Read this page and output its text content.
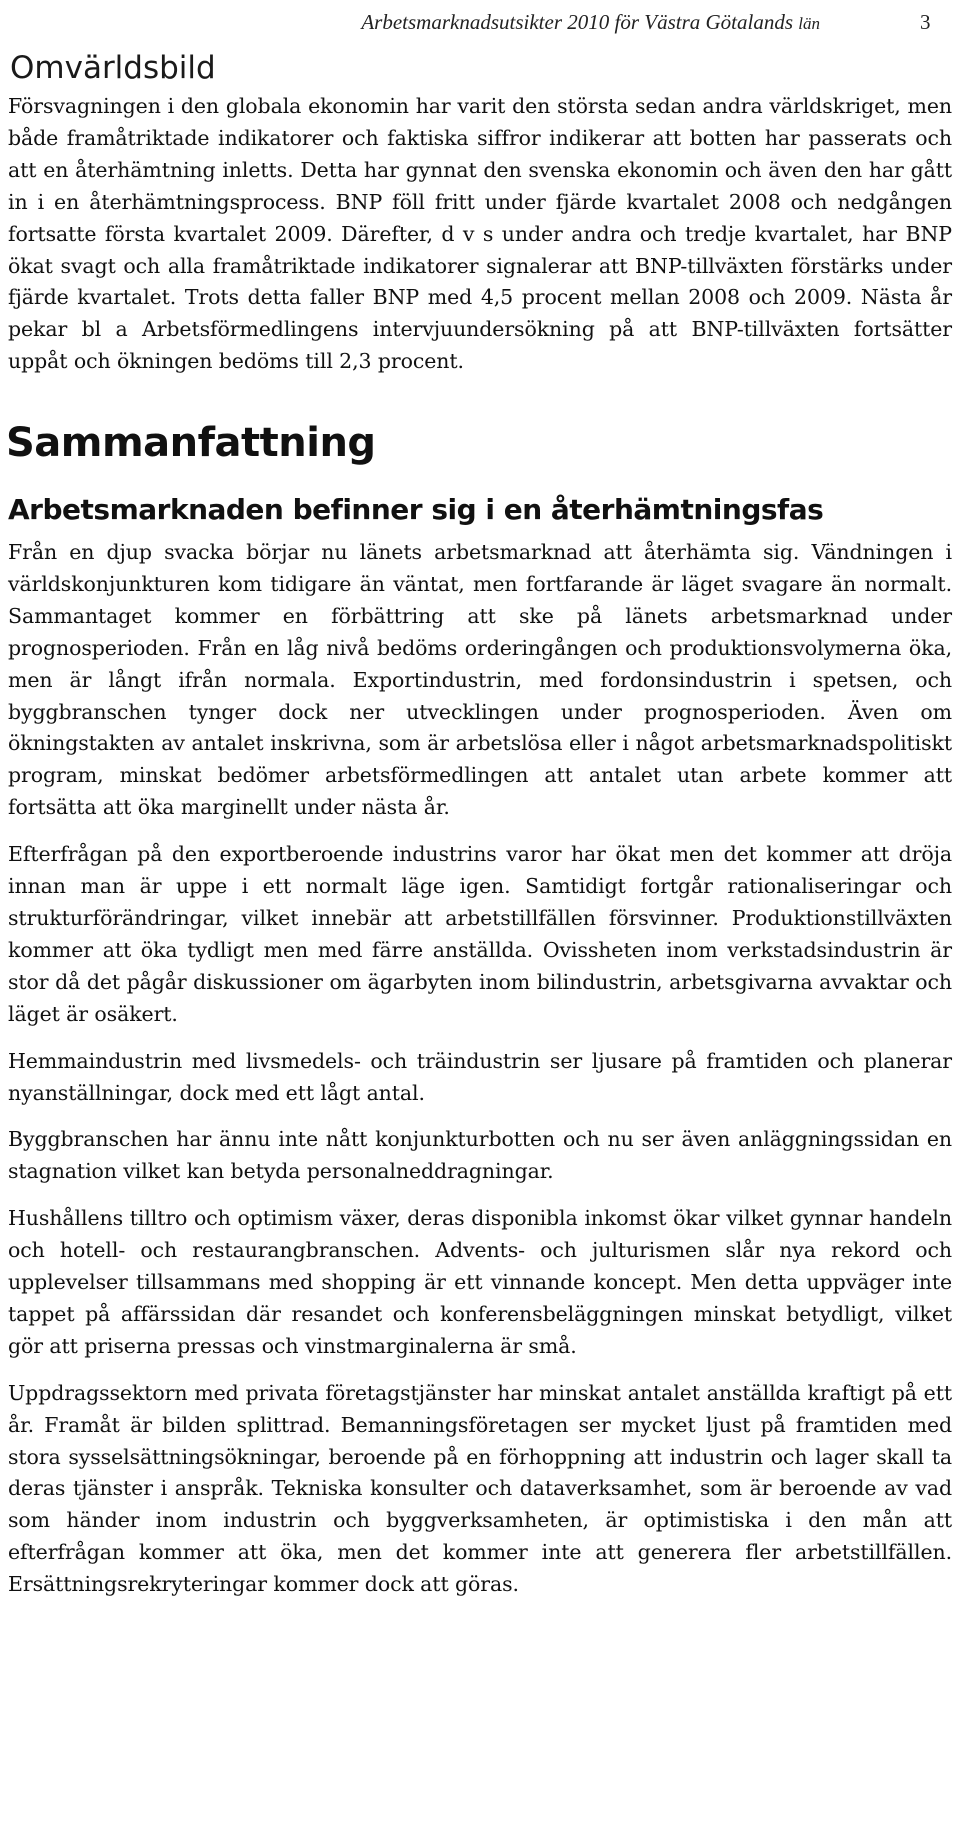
Arbetsmarknadsutsikter 2010 för Västra Götalands län	3
Omvärldsbild

Försvagningen i den globala ekonomin har varit den största sedan andra världskriget, men både framåtriktade indikatorer och faktiska siffror indikerar att botten har passerats och att en återhämtning inletts. Detta har gynnat den svenska ekonomin och även den har gått in i en återhämtningsprocess. BNP föll fritt under fjärde kvartalet 2008 och nedgången fortsatte första kvartalet 2009. Därefter, d v s under andra och tredje kvartalet, har BNP ökat svagt och alla framåtriktade indikatorer signalerar att BNP-tillväxten förstärks under fjärde kvartalet. Trots detta faller BNP med 4,5 procent mellan 2008 och 2009. Nästa år pekar bl a Arbetsförmedlingens intervjuundersökning på att BNP-tillväxten fortsätter uppåt och ökningen bedöms till 2,3 procent.

Sammanfattning
Arbetsmarknaden befinner sig i en återhämtningsfas

Från en djup svacka börjar nu länets arbetsmarknad att återhämta sig. Vändningen i världskonjunkturen kom tidigare än väntat, men fortfarande är läget svagare än normalt. Sammantaget kommer en förbättring att ske på länets arbetsmarknad under prognosperioden. Från en låg nivå bedöms orderingången och produktionsvolymerna öka, men är långt ifrån normala. Exportindustrin, med fordonsindustrin i spetsen, och byggbranschen tynger dock ner utvecklingen under prognosperioden. Även om ökningstakten av antalet inskrivna, som är arbetslösa eller i något arbetsmarknadspolitiskt program, minskat bedömer arbetsförmedlingen att antalet utan arbete kommer att fortsätta att öka marginellt under nästa år.

Efterfrågan på den exportberoende industrins varor har ökat men det kommer att dröja innan man är uppe i ett normalt läge igen. Samtidigt fortgår rationaliseringar och strukturförändringar, vilket innebär att arbetstillfällen försvinner. Produktionstillväxten kommer att öka tydligt men med färre anställda. Ovissheten inom verkstadsindustrin är stor då det pågår diskussioner om ägarbyten inom bilindustrin, arbetsgivarna avvaktar och läget är osäkert.

Hemmaindustrin med livsmedels- och träindustrin ser ljusare på framtiden och planerar nyanställningar, dock med ett lågt antal.

Byggbranschen har ännu inte nått konjunkturbotten och nu ser även anläggningssidan en stagnation vilket kan betyda personalneddragningar.

Hushållens tilltro och optimism växer, deras disponibla inkomst ökar vilket gynnar handeln och hotell- och restaurangbranschen. Advents- och julturismen slår nya rekord och upplevelser tillsammans med shopping är ett vinnande koncept. Men detta uppväger inte tappet på affärssidan där resandet och konferensbeläggningen minskat betydligt, vilket gör att priserna pressas och vinstmarginalerna är små.

Uppdragssektorn med privata företagstjänster har minskat antalet anställda kraftigt på ett år. Framåt är bilden splittrad. Bemanningsföretagen ser mycket ljust på framtiden med stora sysselsättningsökningar, beroende på en förhoppning att industrin och lager skall ta deras tjänster i anspråk. Tekniska konsulter och dataverksamhet, som är beroende av vad som händer inom industrin och byggverksamheten, är optimistiska i den mån att efterfrågan kommer att öka, men det kommer inte att generera fler arbetstillfällen. Ersättningsrekryteringar kommer dock att göras.
